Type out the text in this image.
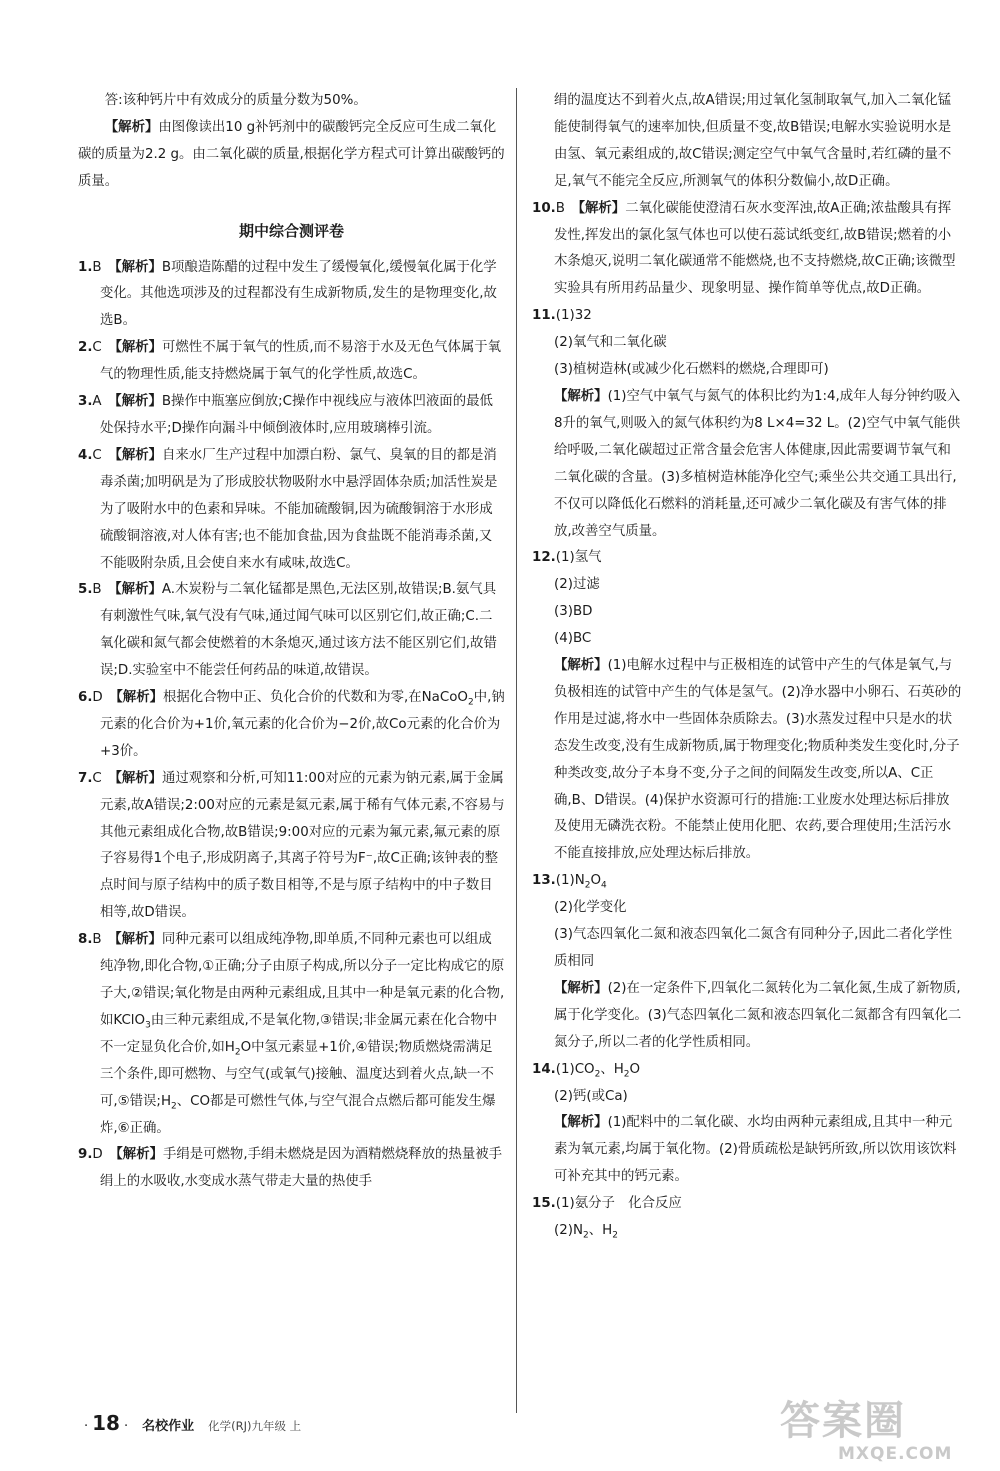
答:该种钙片中有效成分的质量分数为50%。

【解析】由图像读出10 g补钙剂中的碳酸钙完全反应可生成二氧化碳的质量为2.2 g。由二氧化碳的质量,根据化学方程式可计算出碳酸钙的质量。

期中综合测评卷

1.B　 【解析】B项酿造陈醋的过程中发生了缓慢氧化,缓慢氧化属于化学变化。其他选项涉及的过程都没有生成新物质,发生的是物理变化,故选B。

2.C　 【解析】可燃性不属于氧气的性质,而不易溶于水及无色气体属于氧气的物理性质,能支持燃烧属于氧气的化学性质,故选C。

3.A　 【解析】B操作中瓶塞应倒放;C操作中视线应与液体凹液面的最低处保持水平;D操作向漏斗中倾倒液体时,应用玻璃棒引流。

4.C　 【解析】自来水厂生产过程中加漂白粉、氯气、臭氧的目的都是消毒杀菌;加明矾是为了形成胶状物吸附水中悬浮固体杂质;加活性炭是为了吸附水中的色素和异味。不能加硫酸铜,因为硫酸铜溶于水形成硫酸铜溶液,对人体有害;也不能加食盐,因为食盐既不能消毒杀菌,又不能吸附杂质,且会使自来水有咸味,故选C。

5.B　 【解析】A.木炭粉与二氧化锰都是黑色,无法区别,故错误;B.氨气具有刺激性气味,氧气没有气味,通过闻气味可以区别它们,故正确;C.二氧化碳和氮气都会使燃着的木条熄灭,通过该方法不能区别它们,故错误;D.实验室中不能尝任何药品的味道,故错误。

6.D　 【解析】根据化合物中正、负化合价的代数和为零,在NaCoO$_2$中,钠元素的化合价为+1价,氧元素的化合价为−2价,故Co元素的化合价为+3价。

7.C　 【解析】通过观察和分析,可知11:00对应的元素为钠元素,属于金属元素,故A错误;2:00对应的元素是氦元素,属于稀有气体元素,不容易与其他元素组成化合物,故B错误;9:00对应的元素为氟元素,氟元素的原子容易得1个电子,形成阴离子,其离子符号为F⁻,故C正确;该钟表的整点时间与原子结构中的质子数目相等,不是与原子结构中的中子数目相等,故D错误。

8.B　 【解析】同种元素可以组成纯净物,即单质,不同种元素也可以组成纯净物,即化合物,①正确;分子由原子构成,所以分子一定比构成它的原子大,②错误;氧化物是由两种元素组成,且其中一种是氧元素的化合物,如KClO$_3$由三种元素组成,不是氧化物,③错误;非金属元素在化合物中不一定显负化合价,如$H_2O$中氢元素显+1价,④错误;物质燃烧需满足三个条件,即可燃物、与空气(或氧气)接触、温度达到着火点,缺一不可,⑤错误$;H_2$、CO都是可燃性气体,与空气混合点燃后都可能发生爆炸,⑥正确。

9.D　 【解析】手绢是可燃物,手绢未燃烧是因为酒精燃烧释放的热量被手绢上的水吸收,水变成水蒸气带走大量的热使手

绢的温度达不到着火点,故A错误;用过氧化氢制取氧气,加入二氧化锰能使制得氧气的速率加快,但质量不变,故B错误;电解水实验说明水是由氢、氧元素组成的,故C错误;测定空气中氧气含量时,若红磷的量不足,氧气不能完全反应,所测氧气的体积分数偏小,故D正确。

10.B　 【解析】二氧化碳能使澄清石灰水变浑浊,故A正确;浓盐酸具有挥发性,挥发出的氯化氢气体也可以使石蕊试纸变红,故B错误;燃着的小木条熄灭,说明二氧化碳通常不能燃烧,也不支持燃烧,故C正确;该微型实验具有所用药品量少、现象明显、操作简单等优点,故D正确。

11.(1)32

(2)氧气和二氧化碳

(3)植树造林(或减少化石燃料的燃烧,合理即可)

【解析】(1)空气中氧气与氮气的体积比约为1:4,成年人每分钟约吸入8升的氧气,则吸入的氮气体积约为8 L×4=32 L。(2)空气中氧气能供给呼吸,二氧化碳超过正常含量会危害人体健康,因此需要调节氧气和二氧化碳的含量。(3)多植树造林能净化空气;乘坐公共交通工具出行,不仅可以降低化石燃料的消耗量,还可减少二氧化碳及有害气体的排放,改善空气质量。

12.(1)氢气

(2)过滤

(3)BD

(4)BC

【解析】(1)电解水过程中与正极相连的试管中产生的气体是氧气,与负极相连的试管中产生的气体是氢气。(2)净水器中小卵石、石英砂的作用是过滤,将水中一些固体杂质除去。(3)水蒸发过程中只是水的状态发生改变,没有生成新物质,属于物理变化;物质种类发生变化时,分子种类改变,故分子本身不变,分子之间的间隔发生改变,所以A、C正确,B、D错误。(4)保护水资源可行的措施:工业废水处理达标后排放及使用无磷洗衣粉。不能禁止使用化肥、农药,要合理使用;生活污水不能直接排放,应处理达标后排放。

$13.(1)N_2O_4$

(2)化学变化

(3)气态四氧化二氮和液态四氧化二氮含有同种分子,因此二者化学性质相同

【解析】(2)在一定条件下,四氧化二氮转化为二氧化氮,生成了新物质,属于化学变化。(3)气态四氧化二氮和液态四氧化二氮都含有四氧化二氮分子,所以二者的化学性质相同。

$14.(1)CO_2$、$H_2O$

(2)钙(或Ca)

【解析】(1)配料中的二氧化碳、水均由两种元素组成,且其中一种元素为氧元素,均属于氧化物。(2)骨质疏松是缺钙所致,所以饮用该饮料可补充其中的钙元素。

15.(1)氨分子　化合反应

$(2)N_2$、$H_2$

· 18 · 名校作业 化学(RJ)九年级 上	答案圈
MXQE.COM
